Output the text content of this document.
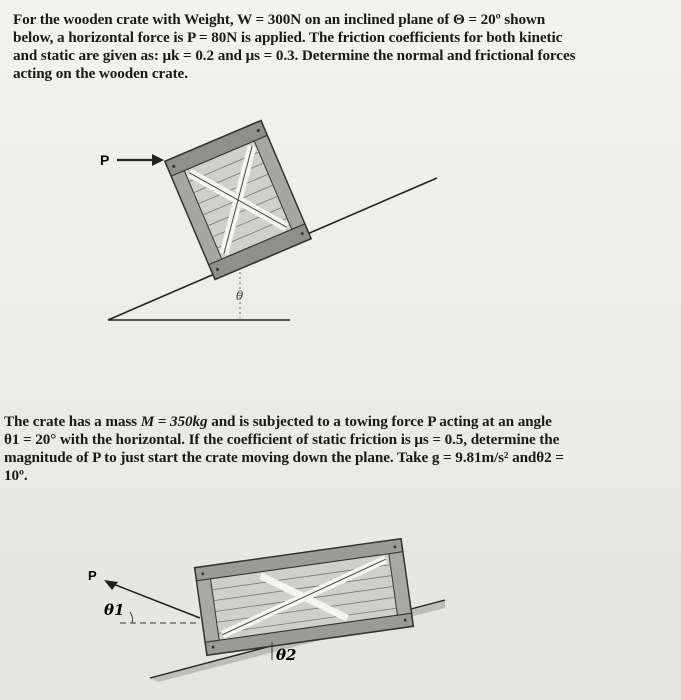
For the wooden crate with Weight, W = 300N on an inclined plane of Θ = 20º shown
below, a horizontal force is P = 80N is applied. The friction coefficients for both kinetic
and static are given as: μk = 0.2 and μs = 0.3. Determine the normal and frictional forces
acting on the wooden crate.
P
θ
The crate has a mass M = 350kg and is subjected to a towing force P acting at an angle
θ1 = 20° with the horizontal. If the coefficient of static friction is μs = 0.5, determine the
magnitude of P to just start the crate moving down the plane. Take g = 9.81m/s² andθ2 =
10º.
P
θ1
θ2
